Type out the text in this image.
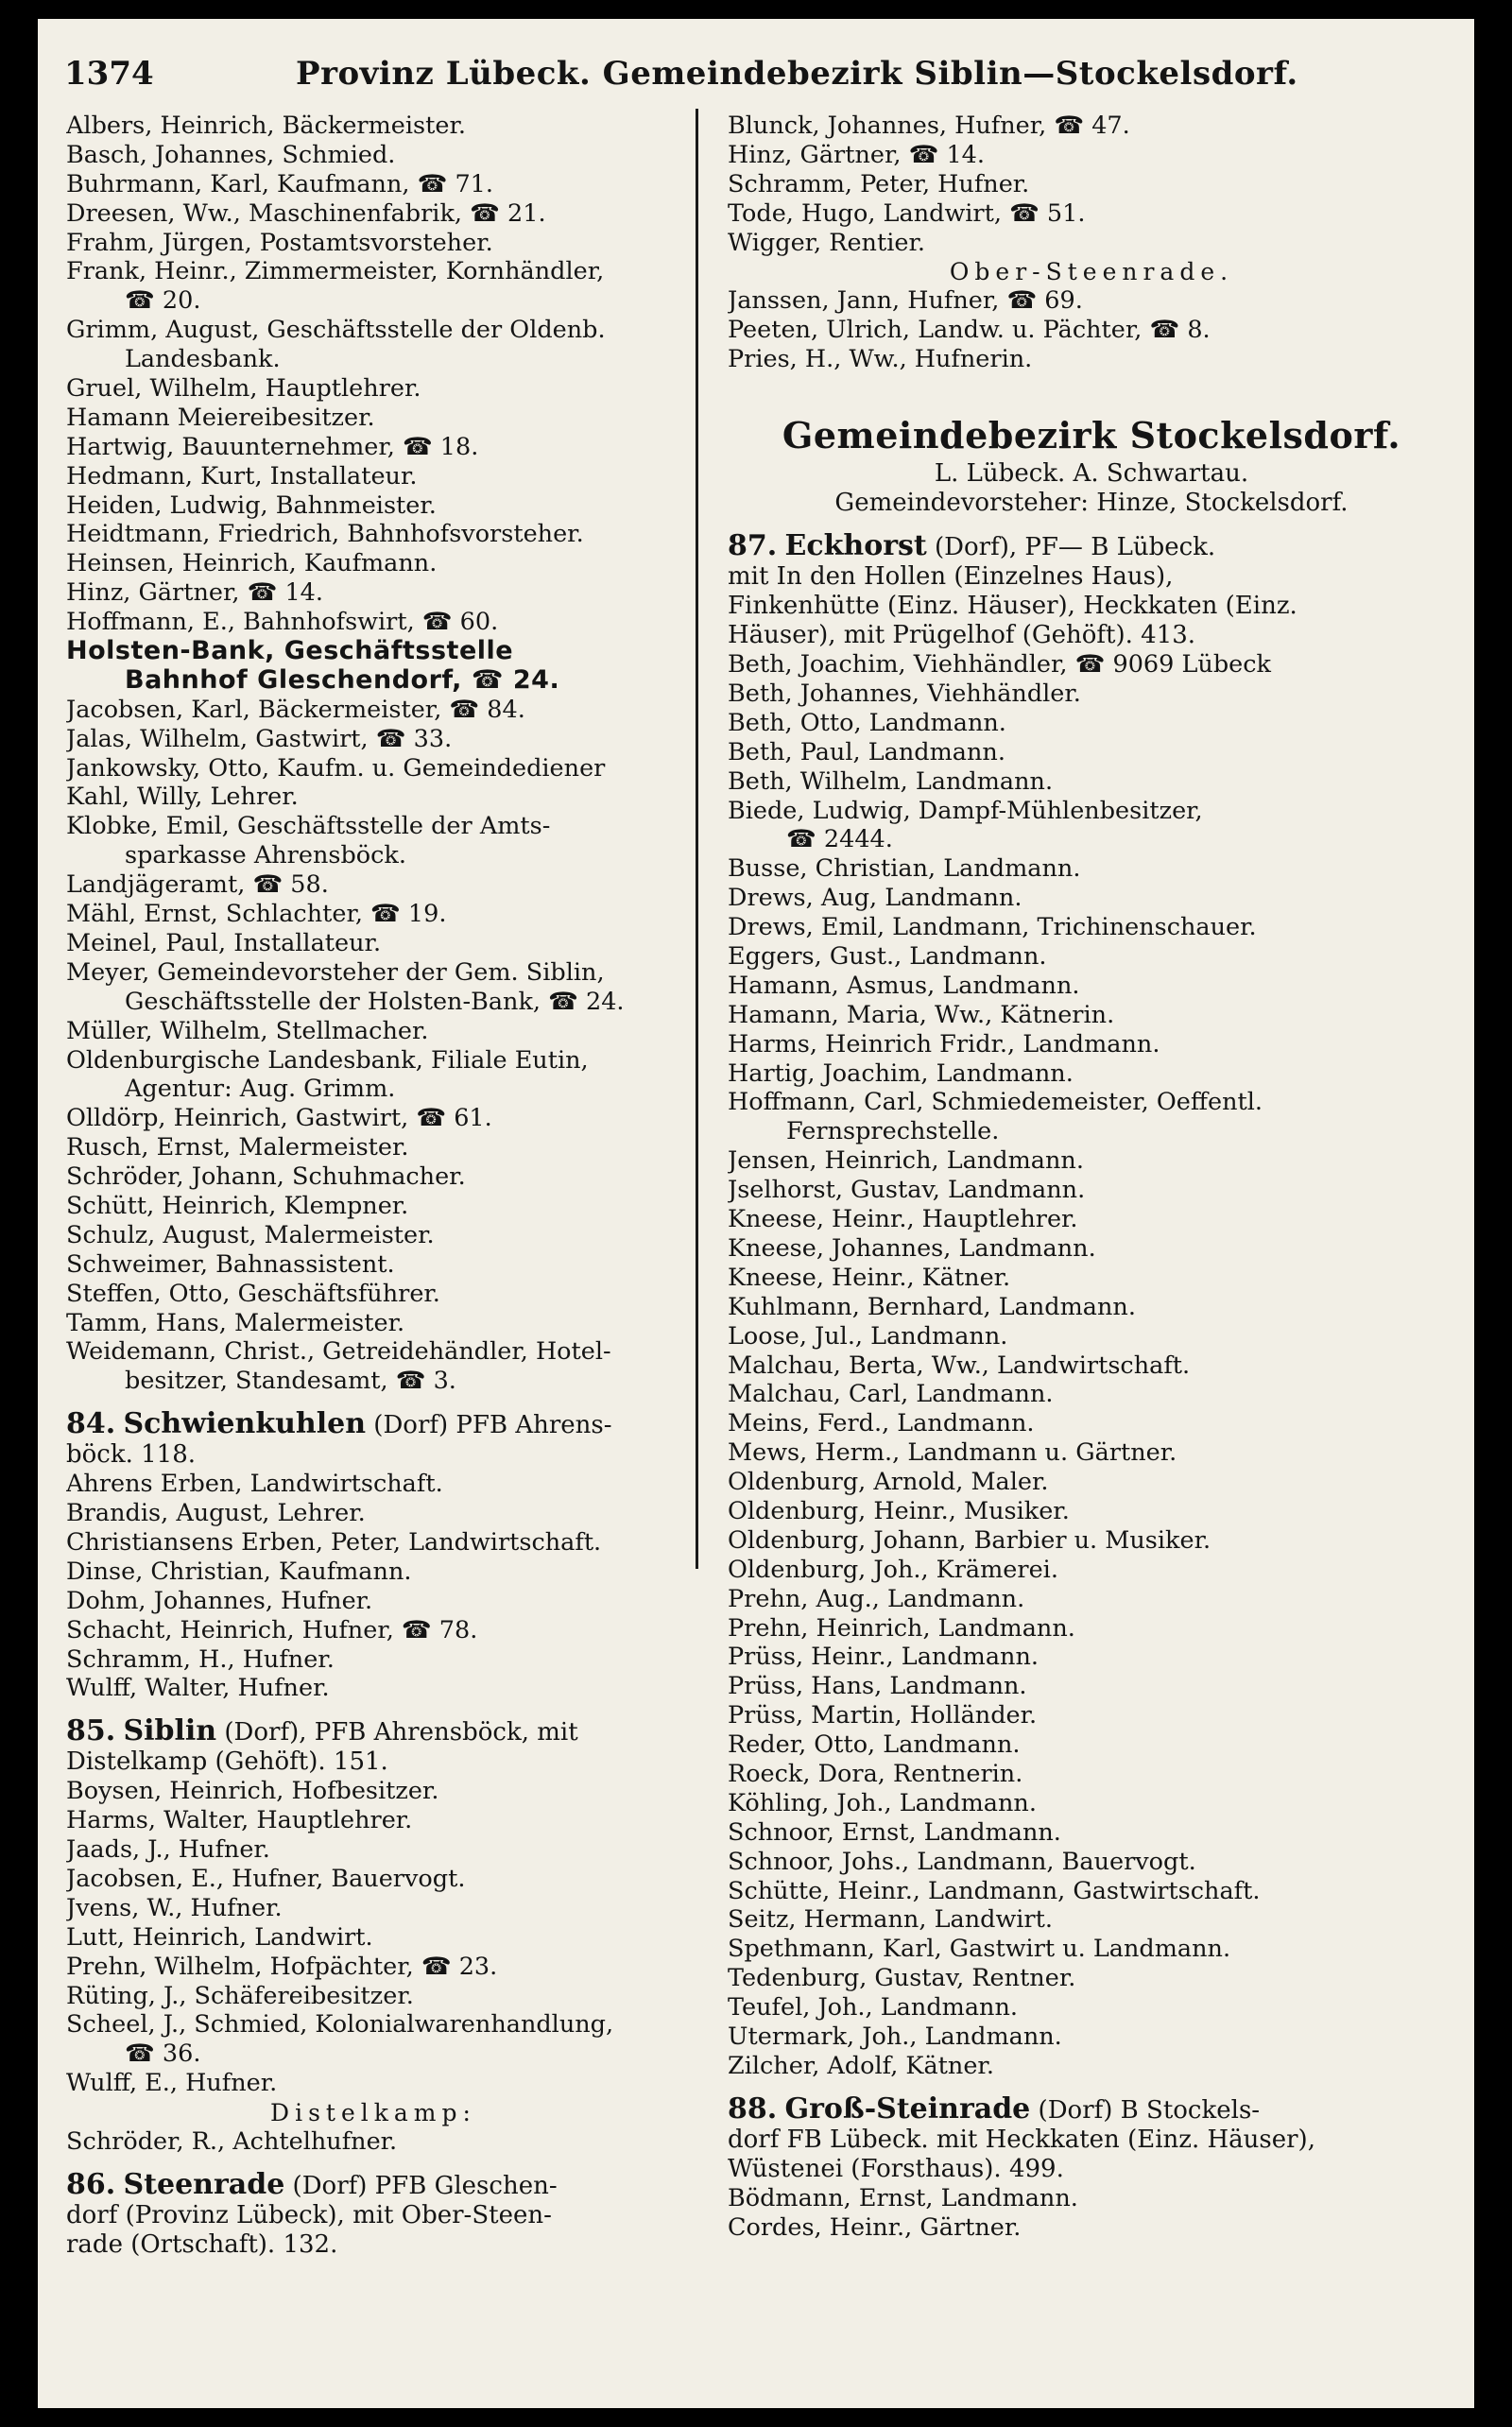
1374	Provinz Lübeck. Gemeindebezirk Siblin—Stockelsdorf.
Albers, Heinrich, Bäckermeister.
Basch, Johannes, Schmied.
Buhrmann, Karl, Kaufmann, ☎ 71.
Dreesen, Ww., Maschinenfabrik, ☎ 21.
Frahm, Jürgen, Postamtsvorsteher.
Frank, Heinr., Zimmermeister, Kornhändler,
☎ 20.
Grimm, August, Geschäftsstelle der Oldenb.
Landesbank.
Gruel, Wilhelm, Hauptlehrer.
Hamann Meiereibesitzer.
Hartwig, Bauunternehmer, ☎ 18.
Hedmann, Kurt, Installateur.
Heiden, Ludwig, Bahnmeister.
Heidtmann, Friedrich, Bahnhofsvorsteher.
Heinsen, Heinrich, Kaufmann.
Hinz, Gärtner, ☎ 14.
Hoffmann, E., Bahnhofswirt, ☎ 60.
Holsten-Bank, Geschäftsstelle
Bahnhof Gleschendorf, ☎ 24.
Jacobsen, Karl, Bäckermeister, ☎ 84.
Jalas, Wilhelm, Gastwirt, ☎ 33.
Jankowsky, Otto, Kaufm. u. Gemeindediener
Kahl, Willy, Lehrer.
Klobke, Emil, Geschäftsstelle der Amts-
sparkasse Ahrensböck.
Landjägeramt, ☎ 58.
Mähl, Ernst, Schlachter, ☎ 19.
Meinel, Paul, Installateur.
Meyer, Gemeindevorsteher der Gem. Siblin,
Geschäftsstelle der Holsten-Bank, ☎ 24.
Müller, Wilhelm, Stellmacher.
Oldenburgische Landesbank, Filiale Eutin,
Agentur: Aug. Grimm.
Olldörp, Heinrich, Gastwirt, ☎ 61.
Rusch, Ernst, Malermeister.
Schröder, Johann, Schuhmacher.
Schütt, Heinrich, Klempner.
Schulz, August, Malermeister.
Schweimer, Bahnassistent.
Steffen, Otto, Geschäftsführer.
Tamm, Hans, Malermeister.
Weidemann, Christ., Getreidehändler, Hotel-
besitzer, Standesamt, ☎ 3.
84. Schwienkuhlen (Dorf) PFB Ahrens-
böck. 118.
Ahrens Erben, Landwirtschaft.
Brandis, August, Lehrer.
Christiansens Erben, Peter, Landwirtschaft.
Dinse, Christian, Kaufmann.
Dohm, Johannes, Hufner.
Schacht, Heinrich, Hufner, ☎ 78.
Schramm, H., Hufner.
Wulff, Walter, Hufner.
85. Siblin (Dorf), PFB Ahrensböck, mit
Distelkamp (Gehöft). 151.
Boysen, Heinrich, Hofbesitzer.
Harms, Walter, Hauptlehrer.
Jaads, J., Hufner.
Jacobsen, E., Hufner, Bauervogt.
Jvens, W., Hufner.
Lutt, Heinrich, Landwirt.
Prehn, Wilhelm, Hofpächter, ☎ 23.
Rüting, J., Schäfereibesitzer.
Scheel, J., Schmied, Kolonialwarenhandlung,
☎ 36.
Wulff, E., Hufner.
Distelkamp:
Schröder, R., Achtelhufner.
86. Steenrade (Dorf) PFB Gleschen-
dorf (Provinz Lübeck), mit Ober-Steen-
rade (Ortschaft). 132.
Blunck, Johannes, Hufner, ☎ 47.
Hinz, Gärtner, ☎ 14.
Schramm, Peter, Hufner.
Tode, Hugo, Landwirt, ☎ 51.
Wigger, Rentier.
Ober-Steenrade.
Janssen, Jann, Hufner, ☎ 69.
Peeten, Ulrich, Landw. u. Pächter, ☎ 8.
Pries, H., Ww., Hufnerin.
Gemeindebezirk Stockelsdorf.
L. Lübeck. A. Schwartau.
Gemeindevorsteher: Hinze, Stockelsdorf.
87. Eckhorst (Dorf), PF— B Lübeck.
mit In den Hollen (Einzelnes Haus),
Finkenhütte (Einz. Häuser), Heckkaten (Einz.
Häuser), mit Prügelhof (Gehöft). 413.
Beth, Joachim, Viehhändler, ☎ 9069 Lübeck
Beth, Johannes, Viehhändler.
Beth, Otto, Landmann.
Beth, Paul, Landmann.
Beth, Wilhelm, Landmann.
Biede, Ludwig, Dampf-Mühlenbesitzer,
☎ 2444.
Busse, Christian, Landmann.
Drews, Aug, Landmann.
Drews, Emil, Landmann, Trichinenschauer.
Eggers, Gust., Landmann.
Hamann, Asmus, Landmann.
Hamann, Maria, Ww., Kätnerin.
Harms, Heinrich Fridr., Landmann.
Hartig, Joachim, Landmann.
Hoffmann, Carl, Schmiedemeister, Oeffentl.
Fernsprechstelle.
Jensen, Heinrich, Landmann.
Jselhorst, Gustav, Landmann.
Kneese, Heinr., Hauptlehrer.
Kneese, Johannes, Landmann.
Kneese, Heinr., Kätner.
Kuhlmann, Bernhard, Landmann.
Loose, Jul., Landmann.
Malchau, Berta, Ww., Landwirtschaft.
Malchau, Carl, Landmann.
Meins, Ferd., Landmann.
Mews, Herm., Landmann u. Gärtner.
Oldenburg, Arnold, Maler.
Oldenburg, Heinr., Musiker.
Oldenburg, Johann, Barbier u. Musiker.
Oldenburg, Joh., Krämerei.
Prehn, Aug., Landmann.
Prehn, Heinrich, Landmann.
Prüss, Heinr., Landmann.
Prüss, Hans, Landmann.
Prüss, Martin, Holländer.
Reder, Otto, Landmann.
Roeck, Dora, Rentnerin.
Köhling, Joh., Landmann.
Schnoor, Ernst, Landmann.
Schnoor, Johs., Landmann, Bauervogt.
Schütte, Heinr., Landmann, Gastwirtschaft.
Seitz, Hermann, Landwirt.
Spethmann, Karl, Gastwirt u. Landmann.
Tedenburg, Gustav, Rentner.
Teufel, Joh., Landmann.
Utermark, Joh., Landmann.
Zilcher, Adolf, Kätner.
88. Groß-Steinrade (Dorf) B Stockels-
dorf FB Lübeck. mit Heckkaten (Einz. Häuser),
Wüstenei (Forsthaus). 499.
Bödmann, Ernst, Landmann.
Cordes, Heinr., Gärtner.
